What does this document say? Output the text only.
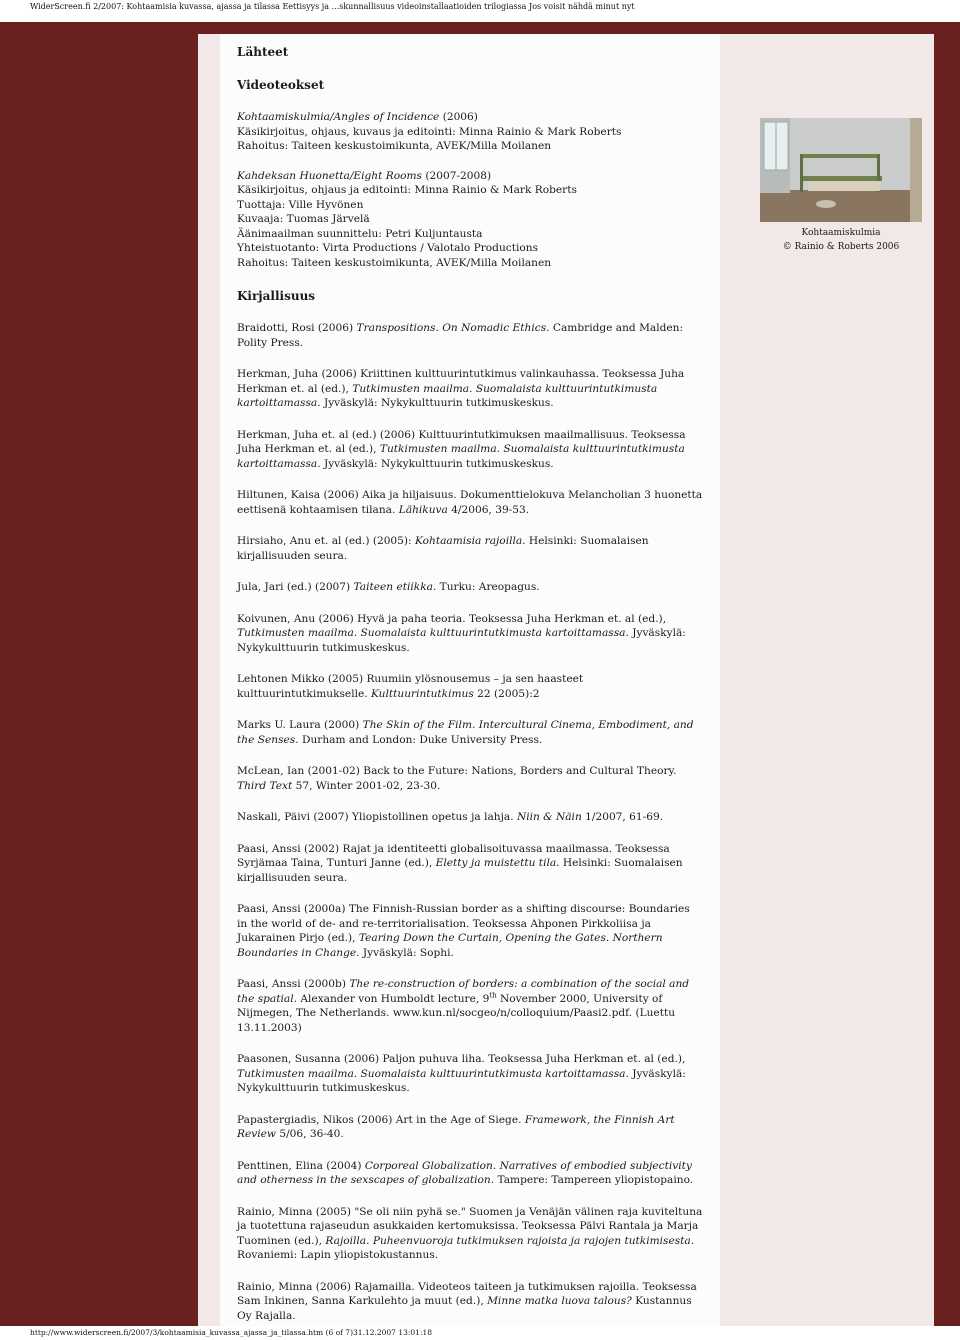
WiderScreen.fi 2/2007: Kohtaamisia kuvassa, ajassa ja tilassa Eettisyys ja ...skunnallisuus videoinstallaatioiden trilogiassa Jos voisit nähdä minut nyt
Lähteet
Videoteokset

Kohtaamiskulmia/Angles of Incidence (2006)

Käsikirjoitus, ohjaus, kuvaus ja editointi: Minna Rainio & Mark Roberts

Rahoitus: Taiteen keskustoimikunta, AVEK/Milla Moilanen

Kahdeksan Huonetta/Eight Rooms (2007-2008)

Käsikirjoitus, ohjaus ja editointi: Minna Rainio & Mark Roberts

Tuottaja: Ville Hyvönen

Kuvaaja: Tuomas Järvelä

Äänimaailman suunnittelu: Petri Kuljuntausta

Yhteistuotanto: Virta Productions / Valotalo Productions

Rahoitus: Taiteen keskustoimikunta, AVEK/Milla Moilanen

Kirjallisuus

Braidotti, Rosi (2006) Transpositions. On Nomadic Ethics. Cambridge and Malden: Polity Press.

Herkman, Juha (2006) Kriittinen kulttuurintutkimus valinkauhassa. Teoksessa Juha Herkman et. al (ed.), Tutkimusten maailma. Suomalaista kulttuurintutkimusta kartoittamassa. Jyväskylä: Nykykulttuurin tutkimuskeskus.

Herkman, Juha et. al (ed.) (2006) Kulttuurintutkimuksen maailmallisuus. Teoksessa Juha Herkman et. al (ed.), Tutkimusten maailma. Suomalaista kulttuurintutkimusta kartoittamassa. Jyväskylä: Nykykulttuurin tutkimuskeskus.

Hiltunen, Kaisa (2006) Aika ja hiljaisuus. Dokumenttielokuva Melancholian 3 huonetta eettisenä kohtaamisen tilana. Lähikuva 4/2006, 39-53.

Hirsiaho, Anu et. al (ed.) (2005): Kohtaamisia rajoilla. Helsinki: Suomalaisen kirjallisuuden seura.

Jula, Jari (ed.) (2007) Taiteen etiikka. Turku: Areopagus.

Koivunen, Anu (2006) Hyvä ja paha teoria. Teoksessa Juha Herkman et. al (ed.), Tutkimusten maailma. Suomalaista kulttuurintutkimusta kartoittamassa. Jyväskylä: Nykykulttuurin tutkimuskeskus.

Lehtonen Mikko (2005) Ruumiin ylösnousemus – ja sen haasteet kulttuurintutkimukselle. Kulttuurintutkimus 22 (2005):2

Marks U. Laura (2000) The Skin of the Film. Intercultural Cinema, Embodiment, and the Senses. Durham and London: Duke University Press.

McLean, Ian (2001-02) Back to the Future: Nations, Borders and Cultural Theory. Third Text 57, Winter 2001-02, 23-30.

Naskali, Päivi (2007) Yliopistollinen opetus ja lahja. Niin & Näin 1/2007, 61-69.

Paasi, Anssi (2002) Rajat ja identiteetti globalisoituvassa maailmassa. Teoksessa Syrjämaa Taina, Tunturi Janne (ed.), Eletty ja muistettu tila. Helsinki: Suomalaisen kirjallisuuden seura.

Paasi, Anssi (2000a) The Finnish-Russian border as a shifting discourse: Boundaries in the world of de- and re-territorialisation. Teoksessa Ahponen Pirkkoliisa ja Jukarainen Pirjo (ed.), Tearing Down the Curtain, Opening the Gates. Northern Boundaries in Change. Jyväskylä: Sophi.

Paasi, Anssi (2000b) The re-construction of borders: a combination of the social and the spatial. Alexander von Humboldt lecture, 9th November 2000, University of Nijmegen, The Netherlands. www.kun.nl/socgeo/n/colloquium/Paasi2.pdf. (Luettu 13.11.2003)

Paasonen, Susanna (2006) Paljon puhuva liha. Teoksessa Juha Herkman et. al (ed.), Tutkimusten maailma. Suomalaista kulttuurintutkimusta kartoittamassa. Jyväskylä: Nykykulttuurin tutkimuskeskus.

Papastergiadis, Nikos (2006) Art in the Age of Siege. Framework, the Finnish Art Review 5/06, 36-40.

Penttinen, Elina (2004) Corporeal Globalization. Narratives of embodied subjectivity and otherness in the sexscapes of globalization. Tampere: Tampereen yliopistopaino.

Rainio, Minna (2005) "Se oli niin pyhä se." Suomen ja Venäjän välinen raja kuviteltuna ja tuotettuna rajaseudun asukkaiden kertomuksissa. Teoksessa Pälvi Rantala ja Marja Tuominen (ed.), Rajoilla. Puheenvuoroja tutkimuksen rajoista ja rajojen tutkimisesta. Rovaniemi: Lapin yliopistokustannus.

Rainio, Minna (2006) Rajamailla. Videoteos taiteen ja tutkimuksen rajoilla. Teoksessa Sam Inkinen, Sanna Karkulehto ja muut (ed.), Minne matka luova talous? Kustannus Oy Rajalla.

Kohtaamiskulmia
© Rainio & Roberts 2006
http://www.widerscreen.fi/2007/3/kohtaamisia_kuvassa_ajassa_ja_tilassa.htm (6 of 7)31.12.2007 13:01:18
